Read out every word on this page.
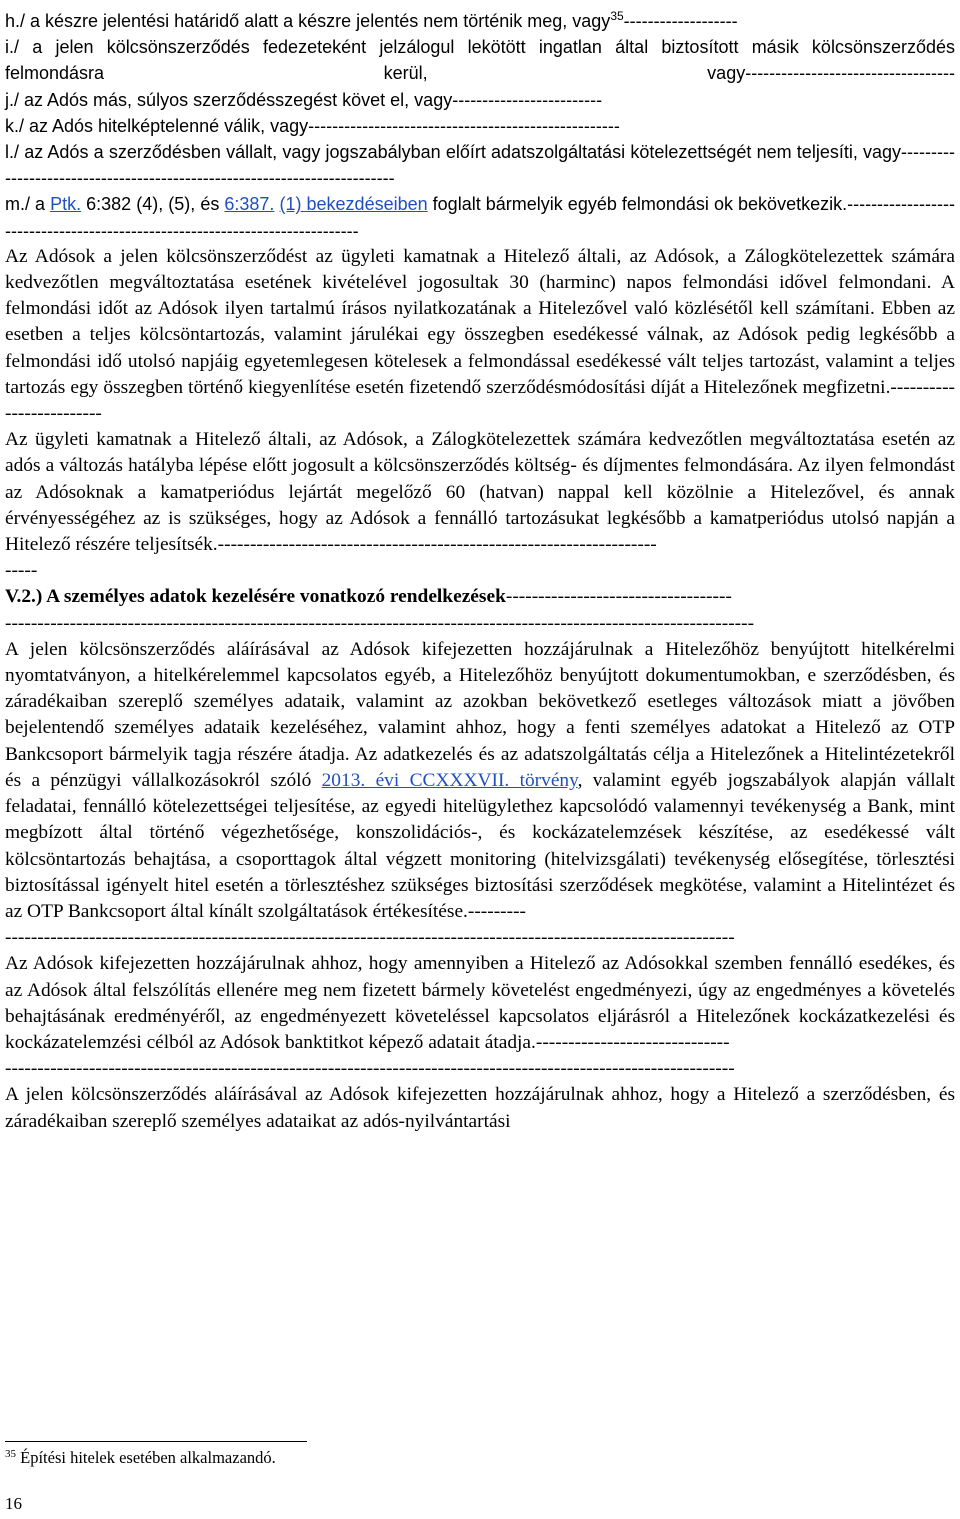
h./ a készre jelentési határidő alatt a készre jelentés nem történik meg, vagy$^{35}$-------------------

i./ a jelen kölcsönszerződés fedezeteként jelzálogul lekötött ingatlan által biztosított másik kölcsönszerződés felmondásra kerül, vagy-----------------------------------

j./ az Adós más, súlyos szerződésszegést követ el, vagy-------------------------

k./ az Adós hitelképtelenné válik, vagy----------------------------------------------------

l./ az Adós a szerződésben vállalt, vagy jogszabályban előírt adatszolgáltatási kötelezettségét nem teljesíti, vagy--------------------------------------------------------------------------

m./ a Ptk. 6:382 (4), (5), és 6:387. (1) bekezdéseiben foglalt bármelyik egyéb felmondási ok bekövetkezik.-----------------------------------------------------------------------------

Az Adósok a jelen kölcsönszerződést az ügyleti kamatnak a Hitelező általi, az Adósok, a Zálogkötelezettek számára kedvezőtlen megváltoztatása esetének kivételével jogosultak 30 (harminc) napos felmondási idővel felmondani. A felmondási időt az Adósok ilyen tartalmú írásos nyilatkozatának a Hitelezővel való közlésétől kell számítani. Ebben az esetben a teljes kölcsöntartozás, valamint járulékai egy összegben esedékessé válnak, az Adósok pedig legkésőbb a felmondási idő utolsó napjáig egyetemlegesen kötelesek a felmondással esedékessé vált teljes tartozást, valamint a teljes tartozás egy összegben történő kiegyenlítése esetén fizetendő szerződésmódosítási díját a Hitelezőnek megfizetni.-------------------------

Az ügyleti kamatnak a Hitelező általi, az Adósok, a Zálogkötelezettek számára kedvezőtlen megváltoztatása esetén az adós a változás hatályba lépése előtt jogosult a kölcsönszerződés költség- és díjmentes felmondására. Az ilyen felmondást az Adósoknak a kamatperiódus lejártát megelőző 60 (hatvan) nappal kell közölnie a Hitelezővel, és annak érvényességéhez az is szükséges, hogy az Adósok a fennálló tartozásukat legkésőbb a kamatperiódus utolsó napján a Hitelező részére teljesítsék.--------------------------------------------------------------------

-----

V.2.) A személyes adatok kezelésére vonatkozó rendelkezések-----------------------------------

--------------------------------------------------------------------------------------------------------------------

A jelen kölcsönszerződés aláírásával az Adósok kifejezetten hozzájárulnak a Hitelezőhöz benyújtott hitelkérelmi nyomtatványon, a hitelkérelemmel kapcsolatos egyéb, a Hitelezőhöz benyújtott dokumentumokban, e szerződésben, és záradékaiban szereplő személyes adataik, valamint az azokban bekövetkező esetleges változások miatt a jövőben bejelentendő személyes adataik kezeléséhez, valamint ahhoz, hogy a fenti személyes adatokat a Hitelező az OTP Bankcsoport bármelyik tagja részére átadja. Az adatkezelés és az adatszolgáltatás célja a Hitelezőnek a Hitelintézetekről és a pénzügyi vállalkozásokról szóló 2013. évi CCXXXVII. törvény, valamint egyéb jogszabályok alapján vállalt feladatai, fennálló kötelezettségei teljesítése, az egyedi hitelügylethez kapcsolódó valamennyi tevékenység a Bank, mint megbízott által történő végezhetősége, konszolidációs-, és kockázatelemzések készítése, az esedékessé vált kölcsöntartozás behajtása, a csoporttagok által végzett monitoring (hitelvizsgálati) tevékenység elősegítése, törlesztési biztosítással igényelt hitel esetén a törlesztéshez szükséges biztosítási szerződések megkötése, valamint a Hitelintézet és az OTP Bankcsoport által kínált szolgáltatások értékesítése.---------

-----------------------------------------------------------------------------------------------------------------

Az Adósok kifejezetten hozzájárulnak ahhoz, hogy amennyiben a Hitelező az Adósokkal szemben fennálló esedékes, és az Adósok által felszólítás ellenére meg nem fizetett bármely követelést engedményezi, úgy az engedményes a követelés behajtásának eredményéről, az engedményezett követeléssel kapcsolatos eljárásról a Hitelezőnek kockázatkezelési és kockázatelemzési célból az Adósok banktitkot képező adatait átadja.------------------------------

-----------------------------------------------------------------------------------------------------------------

A jelen kölcsönszerződés aláírásával az Adósok kifejezetten hozzájárulnak ahhoz, hogy a Hitelező a szerződésben, és záradékaiban szereplő személyes adataikat az adós-nyilvántartási

$^{35}$ Építési hitelek esetében alkalmazandó.
16
